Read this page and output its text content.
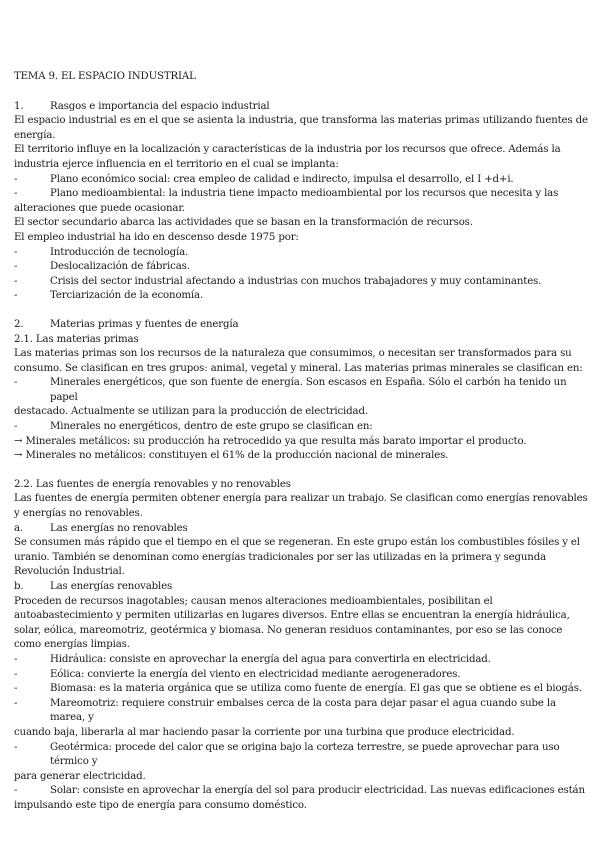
TEMA 9. EL ESPACIO INDUSTRIAL
1.	Rasgos e importancia del espacio industrial

El espacio industrial es en el que se asienta la industria, que transforma las materias primas utilizando fuentes de energía.

El territorio influye en la localización y características de la industria por los recursos que ofrece. Además la industria ejerce influencia en el territorio en el cual se implanta:

-	Plano económico social: crea empleo de calidad e indirecto, impulsa el desarrollo, el I +d+i.
-	Plano medioambiental: la industria tiene impacto medioambiental por los recursos que necesita y las

alteraciones que puede ocasionar.

El sector secundario abarca las actividades que se basan en la transformación de recursos.

El empleo industrial ha ido en descenso desde 1975 por:

-	Introducción de tecnología.
-	Deslocalización de fábricas.
-	Crisis del sector industrial afectando a industrias con muchos trabajadores y muy contaminantes.
-	Terciarización de la economía.
2.	Materias primas y fuentes de energía

2.1. Las materias primas

Las materias primas son los recursos de la naturaleza que consumimos, o necesitan ser transformados para su consumo. Se clasifican en tres grupos: animal, vegetal y mineral. Las materias primas minerales se clasifican en:

-	Minerales energéticos, que son fuente de energía. Son escasos en España. Sólo el carbón ha tenido un papel

destacado. Actualmente se utilizan para la producción de electricidad.

-	Minerales no energéticos, dentro de este grupo se clasifican en:

→ Minerales metálicos: su producción ha retrocedido ya que resulta más barato importar el producto.

→ Minerales no metálicos: constituyen el 61% de la producción nacional de minerales.

2.2. Las fuentes de energía renovables y no renovables

Las fuentes de energía permiten obtener energía para realizar un trabajo. Se clasifican como energías renovables y energías no renovables.

a.	Las energías no renovables

Se consumen más rápido que el tiempo en el que se regeneran. En este grupo están los combustibles fósiles y el uranio. También se denominan como energías tradicionales por ser las utilizadas en la primera y segunda Revolución Industrial.

b.	Las energías renovables

Proceden de recursos inagotables; causan menos alteraciones medioambientales, posibilitan el autoabastecimiento y permiten utilizarlas en lugares diversos. Entre ellas se encuentran la energía hidráulica, solar, eólica, mareomotriz, geotérmica y biomasa. No generan residuos contaminantes, por eso se las conoce como energías limpias.

-	Hidráulica: consiste en aprovechar la energía del agua para convertirla en electricidad.
-	Eólica: convierte la energía del viento en electricidad mediante aerogeneradores.
-	Biomasa: es la materia orgánica que se utiliza como fuente de energía. El gas que se obtiene es el biogás.
-	Mareomotriz: requiere construir embalses cerca de la costa para dejar pasar el agua cuando sube la marea, y

cuando baja, liberarla al mar haciendo pasar la corriente por una turbina que produce electricidad.

-	Geotérmica: procede del calor que se origina bajo la corteza terrestre, se puede aprovechar para uso térmico y

para generar electricidad.

-	Solar: consiste en aprovechar la energía del sol para producir electricidad. Las nuevas edificaciones están

impulsando este tipo de energía para consumo doméstico.
